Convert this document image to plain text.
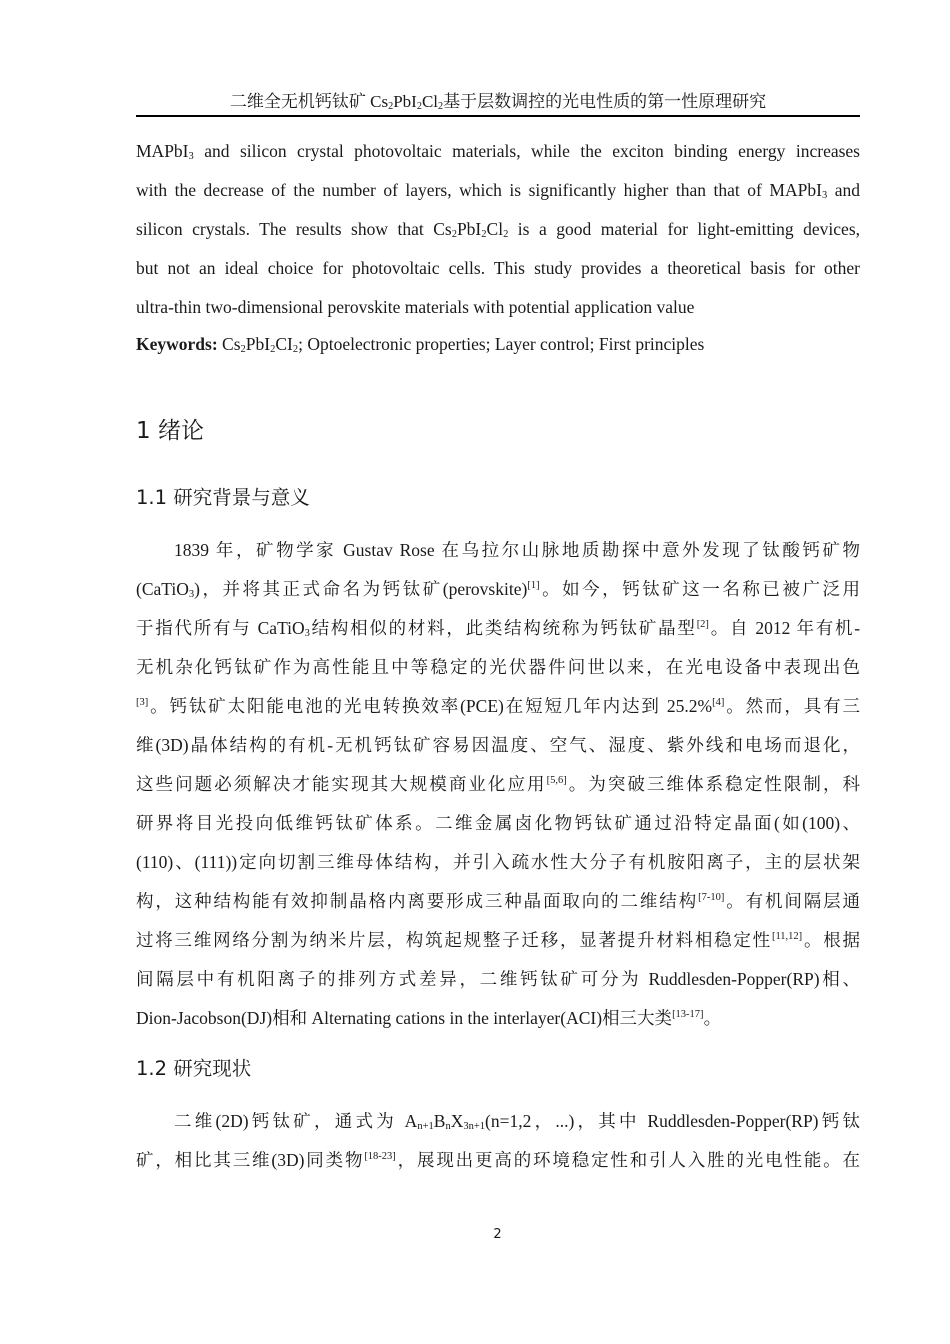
二维全无机钙钛矿 $Cs_2PbI_2Cl_2$基于层数调控的光电性质的第一性原理研究
MAPbI$_3$ and silicon crystal photovoltaic materials, while the exciton binding energy increases
with the decrease of the number of layers, which is significantly higher than that of MAPbI$_3$ and
silicon crystals. The results show that $Cs_2PbI_2Cl_2$ is a good material for light-emitting devices,
but not an ideal choice for photovoltaic cells. This study provides a theoretical basis for other
ultra-thin two-dimensional perovskite materials with potential application value
Keywords: $Cs_2PbI_2CI_2$; Optoelectronic properties; Layer control; First principles
1 绪论
1.1 研究背景与意义
1839 年，矿物学家 Gustav Rose 在乌拉尔山脉地质勘探中意外发现了钛酸钙矿物
(CaTiO$_3$)，并将其正式命名为钙钛矿(perovskite)[1]。如今，钙钛矿这一名称已被广泛用
于指代所有与 CaTiO$_3$结构相似的材料，此类结构统称为钙钛矿晶型[2]。自 2012 年有机-
无机杂化钙钛矿作为高性能且中等稳定的光伏器件问世以来，在光电设备中表现出色
[3]。钙钛矿太阳能电池的光电转换效率(PCE)在短短几年内达到 25.2%[4]。然而，具有三
维(3D)晶体结构的有机-无机钙钛矿容易因温度、空气、湿度、紫外线和电场而退化，
这些问题必须解决才能实现其大规模商业化应用[5,6]。为突破三维体系稳定性限制，科
研界将目光投向低维钙钛矿体系。二维金属卤化物钙钛矿通过沿特定晶面(如(100)、
(110)、(111))定向切割三维母体结构，并引入疏水性大分子有机胺阳离子，主的层状架
构，这种结构能有效抑制晶格内离要形成三种晶面取向的二维结构[7-10]。有机间隔层通
过将三维网络分割为纳米片层，构筑起规整子迁移，显著提升材料相稳定性[11,12]。根据
间隔层中有机阳离子的排列方式差异，二维钙钛矿可分为 Ruddlesden-Popper(RP)相、
Dion-Jacobson(DJ)相和 Alternating cations in the interlayer(ACI)相三大类[13-17]。
1.2 研究现状
二维(2D)钙钛矿，通式为 $A_{n+1}B_nX_{3n+1}(n=1,2$，...)，其中 Ruddlesden-Popper(RP)钙钛
矿，相比其三维(3D)同类物[18-23]，展现出更高的环境稳定性和引人入胜的光电性能。在
2
